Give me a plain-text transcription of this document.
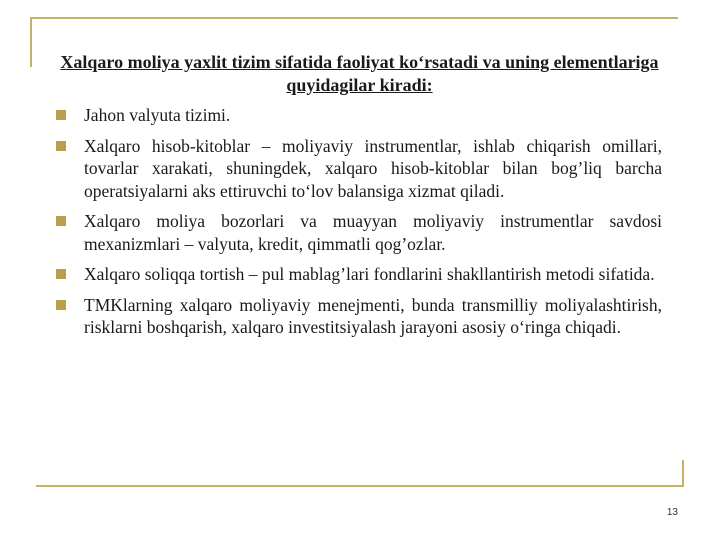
Xalqaro moliya yaxlit tizim sifatida faoliyat ko‘rsatadi va uning elementlariga quyidagilar kiradi:
Jahon valyuta tizimi.
Xalqaro hisob-kitoblar – moliyaviy instrumentlar, ishlab chiqarish omillari, tovarlar xarakati, shuningdek, xalqaro hisob-kitoblar bilan bog’liq barcha operatsiyalarni aks ettiruvchi to‘lov balansiga xizmat qiladi.
Xalqaro moliya bozorlari va muayyan moliyaviy instrumentlar savdosi mexanizmlari – valyuta, kredit, qimmatli qog’ozlar.
Xalqaro soliqqa tortish – pul mablag’lari fondlarini shakllantirish metodi sifatida.
TMKlarning xalqaro moliyaviy menejmenti, bunda transmilliy moliyalashtirish, risklarni boshqarish, xalqaro investitsiyalash jarayoni asosiy o‘ringa chiqadi.
13
